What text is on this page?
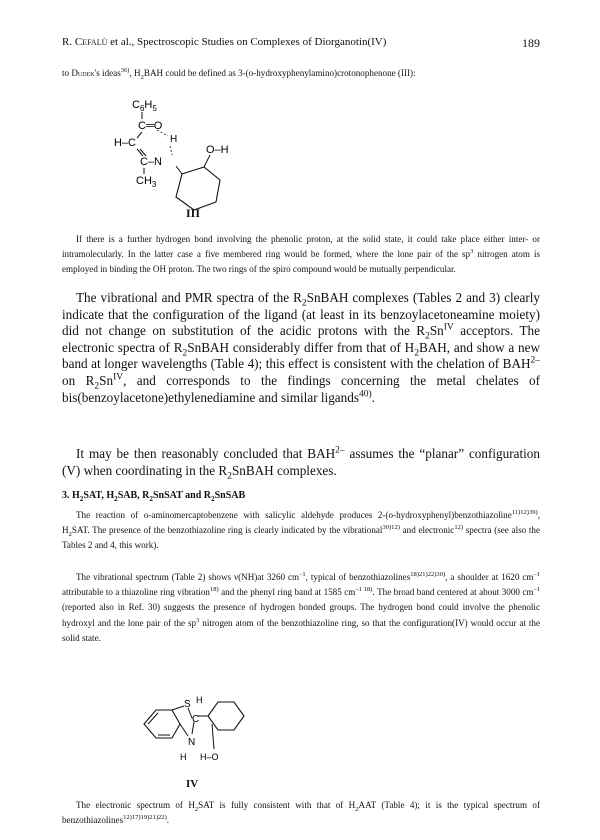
R. Cefalù et al., Spectroscopic Studies on Complexes of Diorganotin(IV)	189

to Dudek's ideas$^{36)}$, $H_2BAH$ could be defined as 3-(o-hydroxyphenylamino)crotonophenone (III):

$C_6H_5$
C═O
H–C	H
C–N
$CH_3$
O–H
III

If there is a further hydrogen bond involving the phenolic proton, at the solid state, it could take place either inter- or intramolecularly. In the latter case a five membered ring would be formed, where the lone pair of the $sp^3$ nitrogen atom is employed in binding the OH proton. The two rings of the spiro compound would be mutually perpendicular.

The vibrational and PMR spectra of the $R_2SnBAH$ complexes (Tables 2 and 3) clearly indicate that the configuration of the ligand (at least in its benzoylacetoneamine moiety) did not change on substitution of the acidic protons with the $R_2Sn^{IV}$ acceptors. The electronic spectra of $R_2SnBAH$ considerably differ from that of $H_2BAH$, and show a new band at longer wavelengths (Table 4); this effect is consistent with the chelation of $BAH^{2-}$ on $R_2Sn^{IV}$, and corresponds to the findings concerning the metal chelates of bis(benzoylacetone)ethylenediamine and similar ligands$^{40)}$.

It may be then reasonably concluded that $BAH^{2-}$ assumes the “planar” configuration (V) when coordinating in the $R_2SnBAH$ complexes.

3. $H_2SAT$, $H_2SAB$, $R_2SnSAT$ and $R_2SnSAB$

The reaction of o-aminomercaptobenzene with salicylic aldehyde produces 2-(o-hydroxyphenyl)benzothiazoline$^{11)12)39)}$, $H_2SAT$. The presence of the benzothiazoline ring is clearly indicated by the vibrational$^{30)12)}$ and electronic$^{12)}$ spectra (see also the Tables 2 and 4, this work).

The vibrational spectrum (Table 2) shows ν(NH)at 3260 $cm^{-1}$, typical of benzothiazolines$^{18)21)22)30)}$, a shoulder at 1620 $cm^{-1}$ attributable to a thiazoline ring vibration$^{18)}$ and the phenyl ring band at 1585 $cm^{-1 18)}$. The broad band centered at about 3000 $cm^{-1}$ (reported also in Ref. 30) suggests the presence of hydrogen bonded groups. The hydrogen bond could involve the phenolic hydroxyl and the lone pair of the $sp^3$ nitrogen atom of the benzothiazoline ring, so that the configuration(IV) would occur at the solid state.

S H
C
N
H H–O
IV

The electronic spectrum of $H_2SAT$ is fully consistent with that of $H_2AAT$ (Table 4); it is the typical spectrum of benzothiazolines$^{12)17)19)21)22)}$.
